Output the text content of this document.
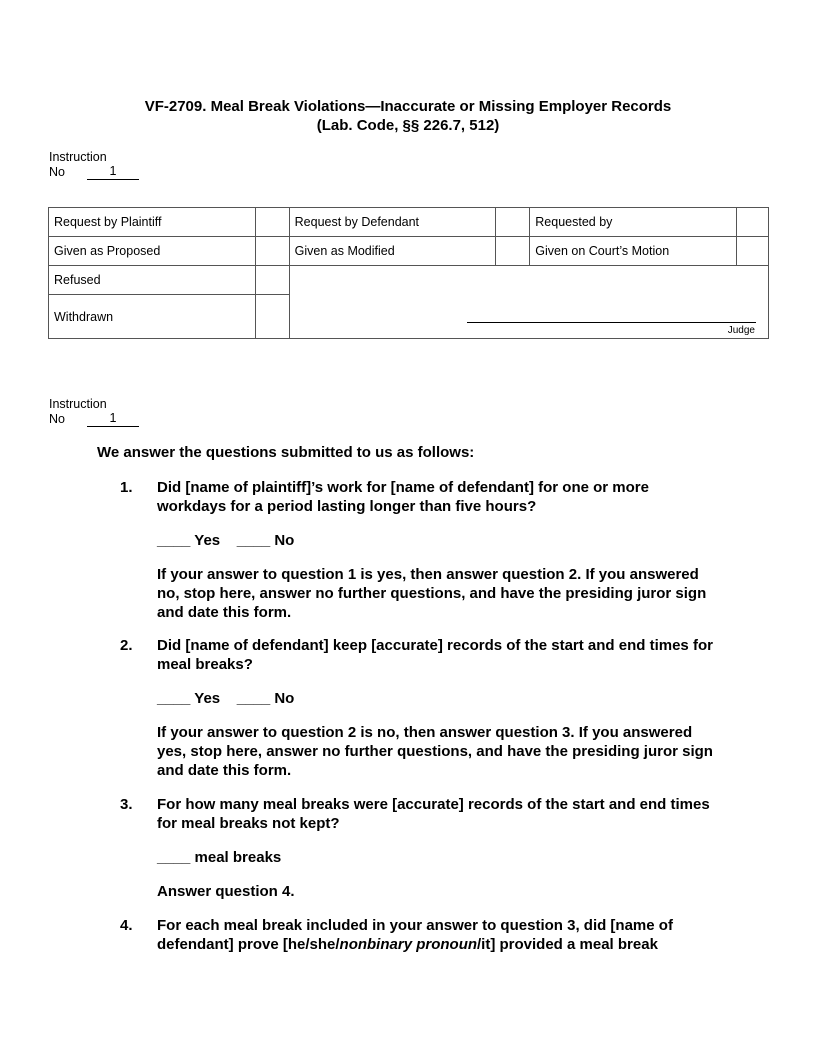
VF-2709. Meal Break Violations—Inaccurate or Missing Employer Records
(Lab. Code, §§ 226.7, 512)
Instruction
No	1
Request by Plaintiff		Request by Defendant		Requested by	
Given as Proposed		Given as Modified		Given on Court’s Motion	
Refused		Judge			

Withdrawn					
Instruction
No	1
We answer the questions submitted to us as follows:
1. Did [name of plaintiff]’s work for [name of defendant] for one or more workdays for a period lasting longer than five hours?
____ Yes    ____ No
If your answer to question 1 is yes, then answer question 2. If you answered no, stop here, answer no further questions, and have the presiding juror sign and date this form.
2. Did [name of defendant] keep [accurate] records of the start and end times for meal breaks?
____ Yes    ____ No
If your answer to question 2 is no, then answer question 3. If you answered yes, stop here, answer no further questions, and have the presiding juror sign and date this form.
3. For how many meal breaks were [accurate] records of the start and end times for meal breaks not kept?
____ meal breaks
Answer question 4.
4. For each meal break included in your answer to question 3, did [name of defendant] prove [he/she/nonbinary pronoun/it] provided a meal break
